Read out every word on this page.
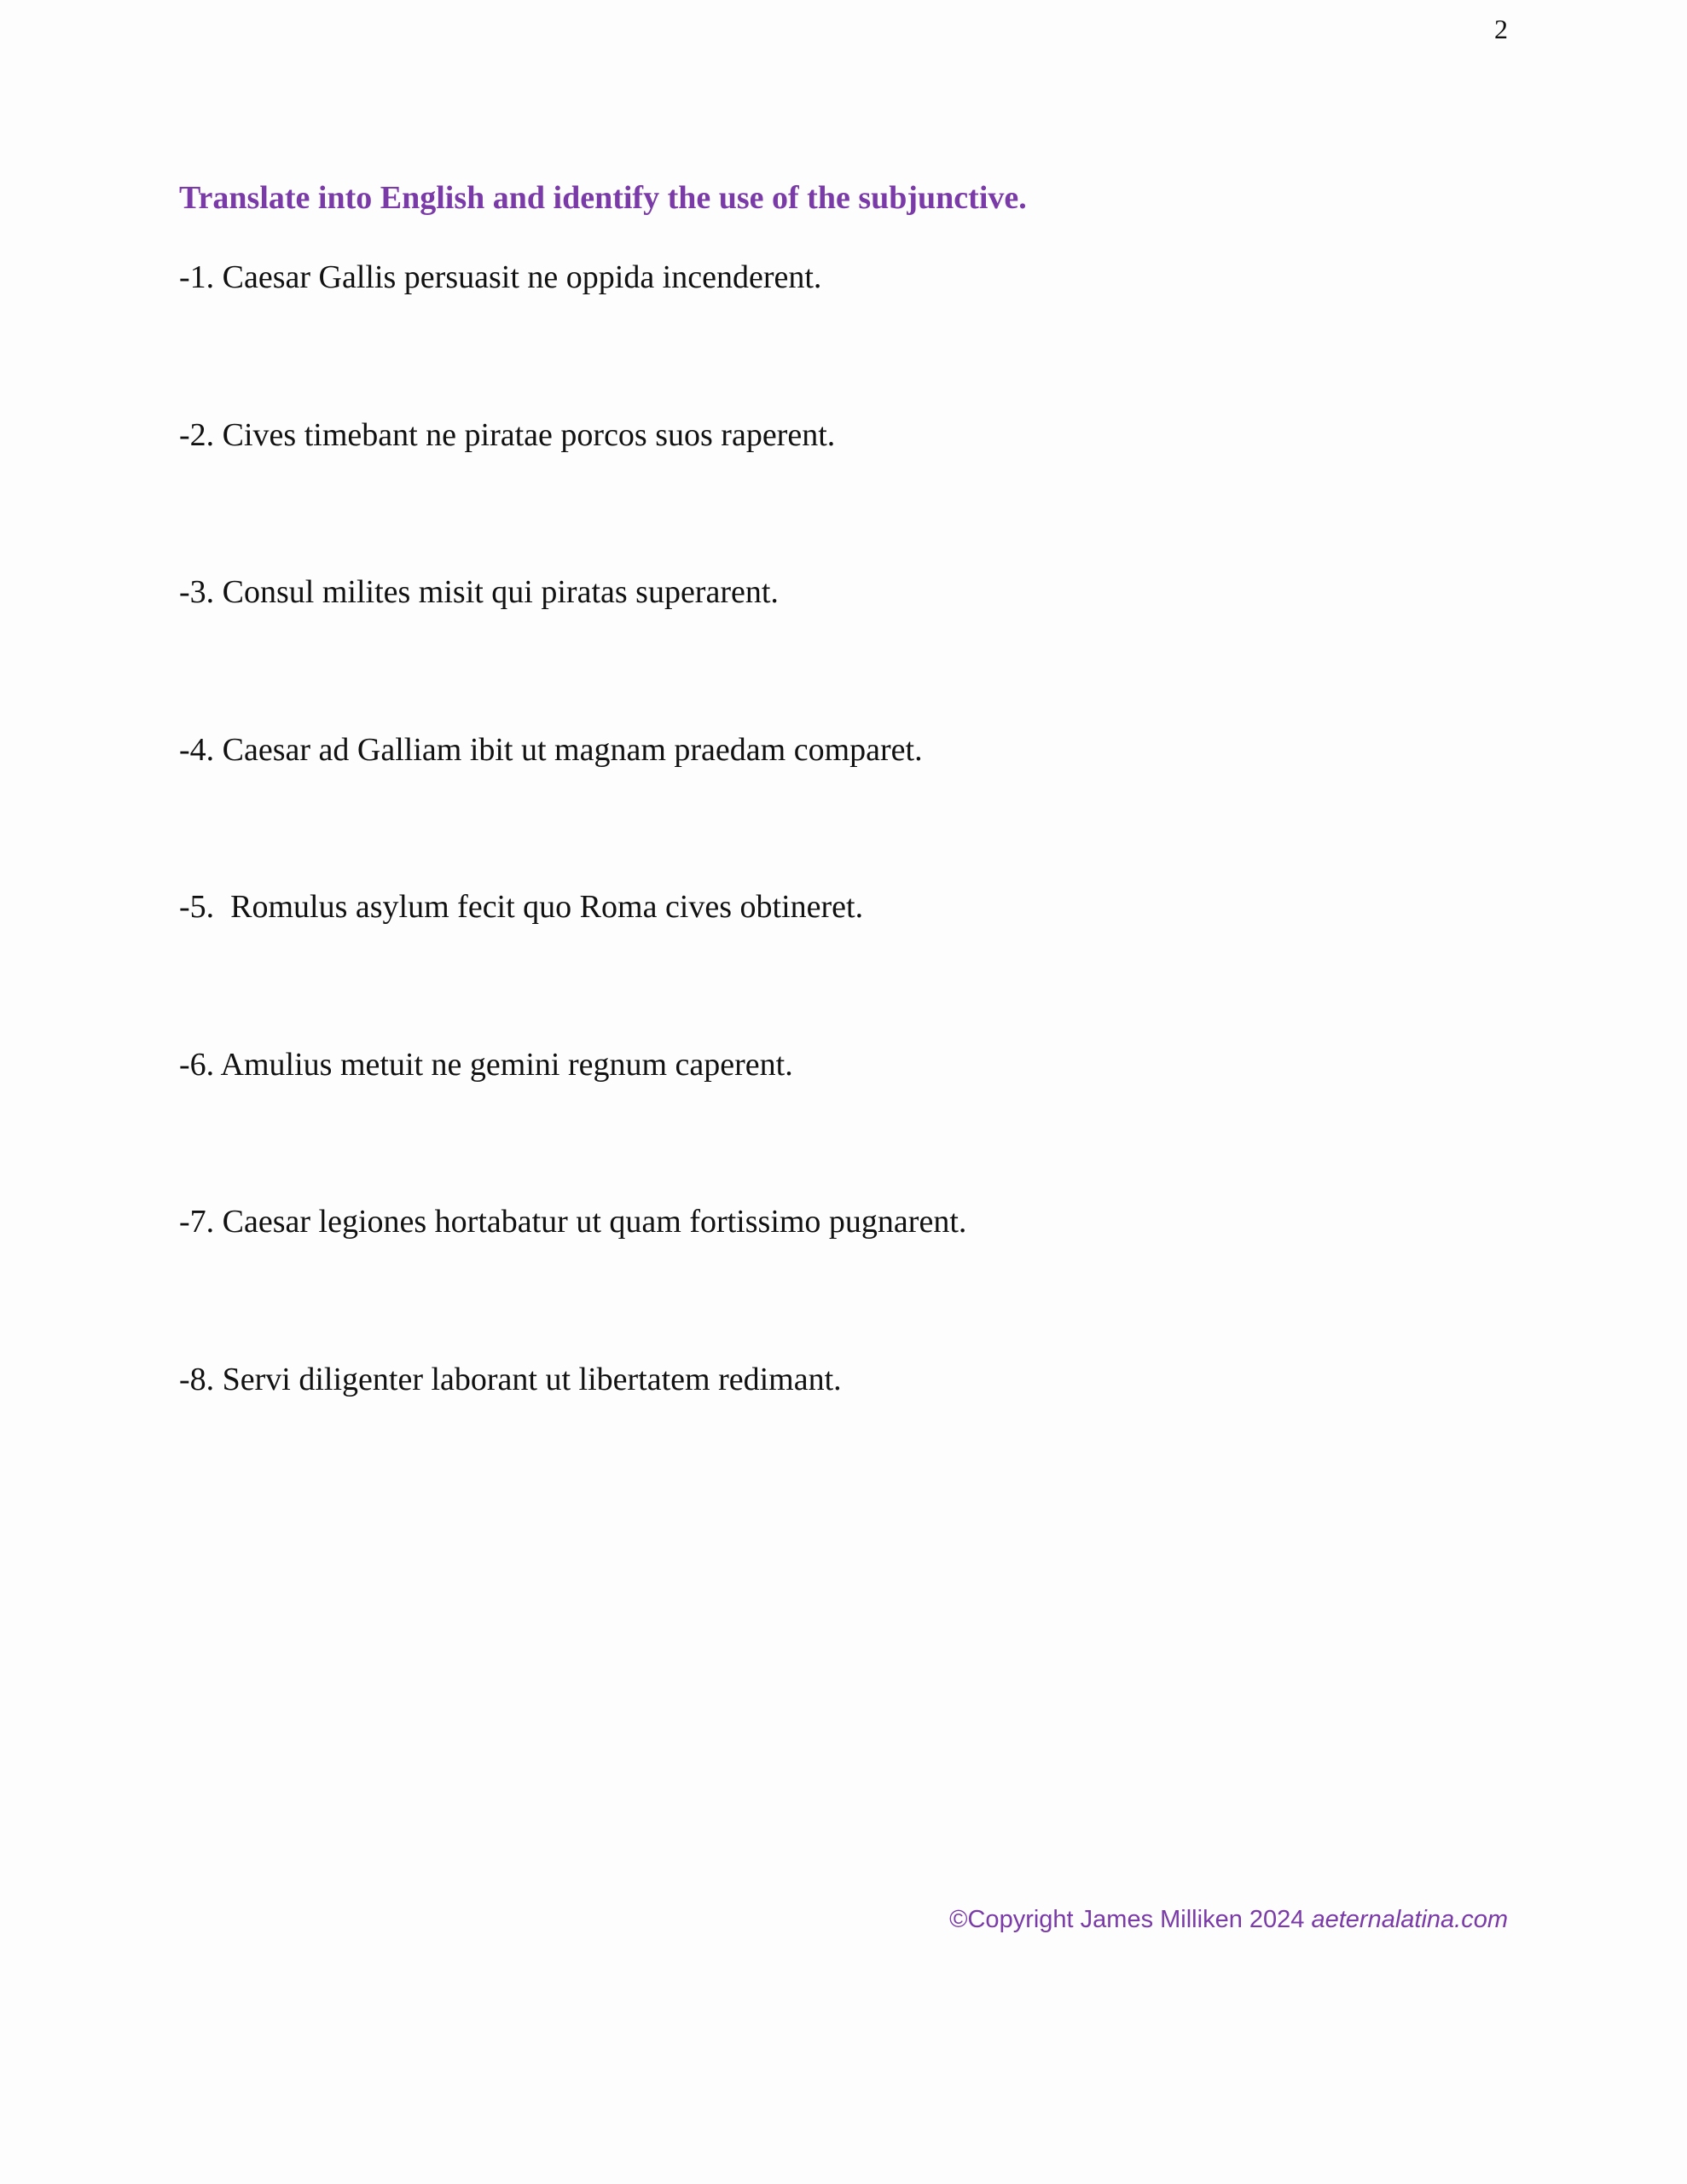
2
Translate into English and identify the use of the subjunctive.
-1. Caesar Gallis persuasit ne oppida incenderent.
-2. Cives timebant ne piratae porcos suos raperent.
-3. Consul milites misit qui piratas superarent.
-4. Caesar ad Galliam ibit ut magnam praedam comparet.
-5.  Romulus asylum fecit quo Roma cives obtineret.
-6. Amulius metuit ne gemini regnum caperent.
-7. Caesar legiones hortabatur ut quam fortissimo pugnarent.
-8. Servi diligenter laborant ut libertatem redimant.
©Copyright James Milliken 2024 aeternalatina.com
